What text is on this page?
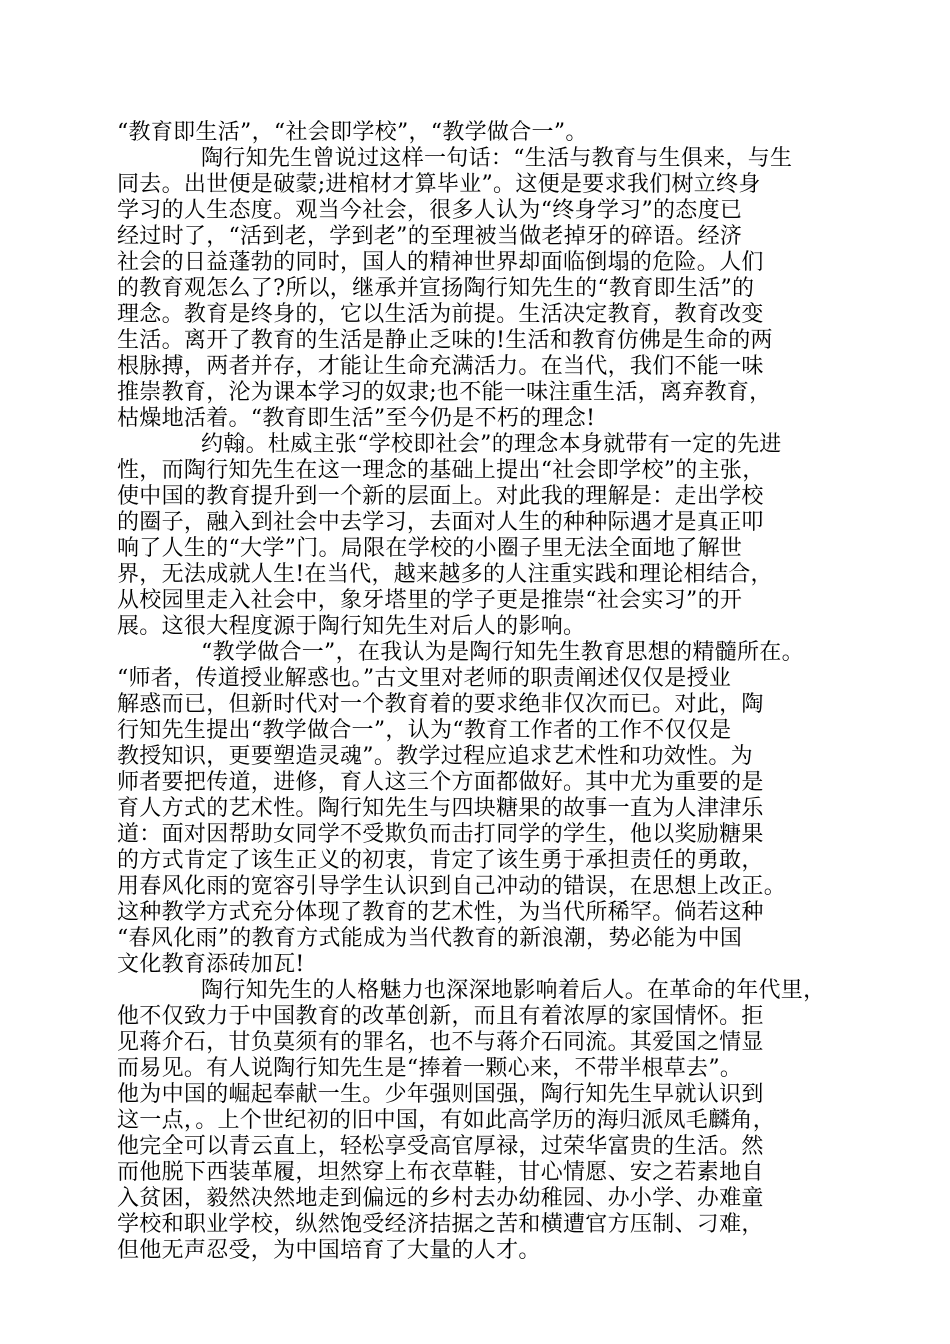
“教育即生活”，“社会即学校”，“教学做合一”。
陶行知先生曾说过这样一句话：“生活与教育与生俱来，与生
同去。出世便是破蒙;进棺材才算毕业”。这便是要求我们树立终身
学习的人生态度。观当今社会，很多人认为“终身学习”的态度已
经过时了，“活到老，学到老”的至理被当做老掉牙的碎语。经济
社会的日益蓬勃的同时，国人的精神世界却面临倒塌的危险。人们
的教育观怎么了?所以，继承并宣扬陶行知先生的“教育即生活”的
理念。教育是终身的，它以生活为前提。生活决定教育，教育改变
生活。离开了教育的生活是静止乏味的!生活和教育仿佛是生命的两
根脉搏，两者并存，才能让生命充满活力。在当代，我们不能一味
推崇教育，沦为课本学习的奴隶;也不能一味注重生活，离弃教育，
枯燥地活着。“教育即生活”至今仍是不朽的理念!
约翰。杜威主张“学校即社会”的理念本身就带有一定的先进
性，而陶行知先生在这一理念的基础上提出“社会即学校”的主张，
使中国的教育提升到一个新的层面上。对此我的理解是：走出学校
的圈子，融入到社会中去学习，去面对人生的种种际遇才是真正叩
响了人生的“大学”门。局限在学校的小圈子里无法全面地了解世
界，无法成就人生!在当代，越来越多的人注重实践和理论相结合，
从校园里走入社会中，象牙塔里的学子更是推崇“社会实习”的开
展。这很大程度源于陶行知先生对后人的影响。
“教学做合一”，在我认为是陶行知先生教育思想的精髓所在。
“师者，传道授业解惑也。”古文里对老师的职责阐述仅仅是授业
解惑而已，但新时代对一个教育着的要求绝非仅次而已。对此，陶
行知先生提出“教学做合一”，认为“教育工作者的工作不仅仅是
教授知识，更要塑造灵魂”。教学过程应追求艺术性和功效性。为
师者要把传道，进修，育人这三个方面都做好。其中尤为重要的是
育人方式的艺术性。陶行知先生与四块糖果的故事一直为人津津乐
道：面对因帮助女同学不受欺负而击打同学的学生，他以奖励糖果
的方式肯定了该生正义的初衷，肯定了该生勇于承担责任的勇敢，
用春风化雨的宽容引导学生认识到自己冲动的错误，在思想上改正。
这种教学方式充分体现了教育的艺术性，为当代所稀罕。倘若这种
“春风化雨”的教育方式能成为当代教育的新浪潮，势必能为中国
文化教育添砖加瓦!
陶行知先生的人格魅力也深深地影响着后人。在革命的年代里，
他不仅致力于中国教育的改革创新，而且有着浓厚的家国情怀。拒
见蒋介石，甘负莫须有的罪名，也不与蒋介石同流。其爱国之情显
而易见。有人说陶行知先生是“捧着一颗心来，不带半根草去”。
他为中国的崛起奉献一生。少年强则国强，陶行知先生早就认识到
这一点，。上个世纪初的旧中国，有如此高学历的海归派凤毛麟角，
他完全可以青云直上，轻松享受高官厚禄，过荣华富贵的生活。然
而他脱下西装革履，坦然穿上布衣草鞋，甘心情愿、安之若素地自
入贫困，毅然决然地走到偏远的乡村去办幼稚园、办小学、办难童
学校和职业学校，纵然饱受经济拮据之苦和横遭官方压制、刁难，
但他无声忍受，为中国培育了大量的人才。
